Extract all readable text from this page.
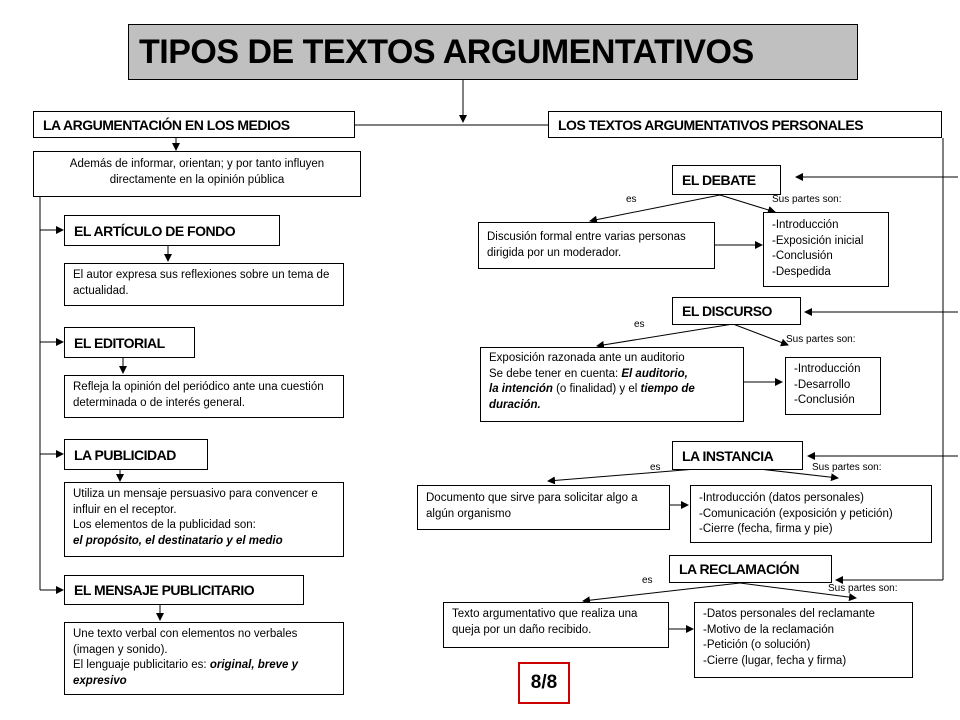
TIPOS DE TEXTOS ARGUMENTATIVOS
LA ARGUMENTACIÓN EN LOS MEDIOS
Además de informar, orientan; y por tanto influyen directamente en la opinión pública
EL ARTÍCULO DE FONDO
El autor expresa sus reflexiones sobre un tema de actualidad.
EL EDITORIAL
Refleja la opinión del periódico ante una cuestión determinada o de interés general.
LA PUBLICIDAD
Utiliza un mensaje persuasivo para convencer e influir en el receptor.
Los elementos de la publicidad son:
el propósito, el destinatario y el medio
EL MENSAJE PUBLICITARIO
Une texto verbal con elementos no verbales (imagen y sonido).
El lenguaje publicitario es: original, breve y expresivo
LOS TEXTOS ARGUMENTATIVOS PERSONALES
EL DEBATE
es	Sus partes son:
Discusión formal entre varias personas dirigida por un moderador.
-Introducción
-Exposición inicial
-Conclusión
-Despedida
EL DISCURSO
es
Sus partes son:
Exposición razonada ante un auditorio
Se debe tener en cuenta: El auditorio,
la intención (o finalidad) y el tiempo de
duración.
-Introducción
-Desarrollo
-Conclusión
LA INSTANCIA
es	Sus partes son:
Documento que sirve para solicitar algo a algún organismo
-Introducción (datos personales)
-Comunicación (exposición y petición)
-Cierre (fecha, firma y pie)
LA RECLAMACIÓN
es
Sus partes son:
Texto argumentativo que realiza una queja por un daño recibido.
-Datos personales del reclamante
-Motivo de la reclamación
-Petición (o solución)
-Cierre (lugar, fecha y firma)
8/8
